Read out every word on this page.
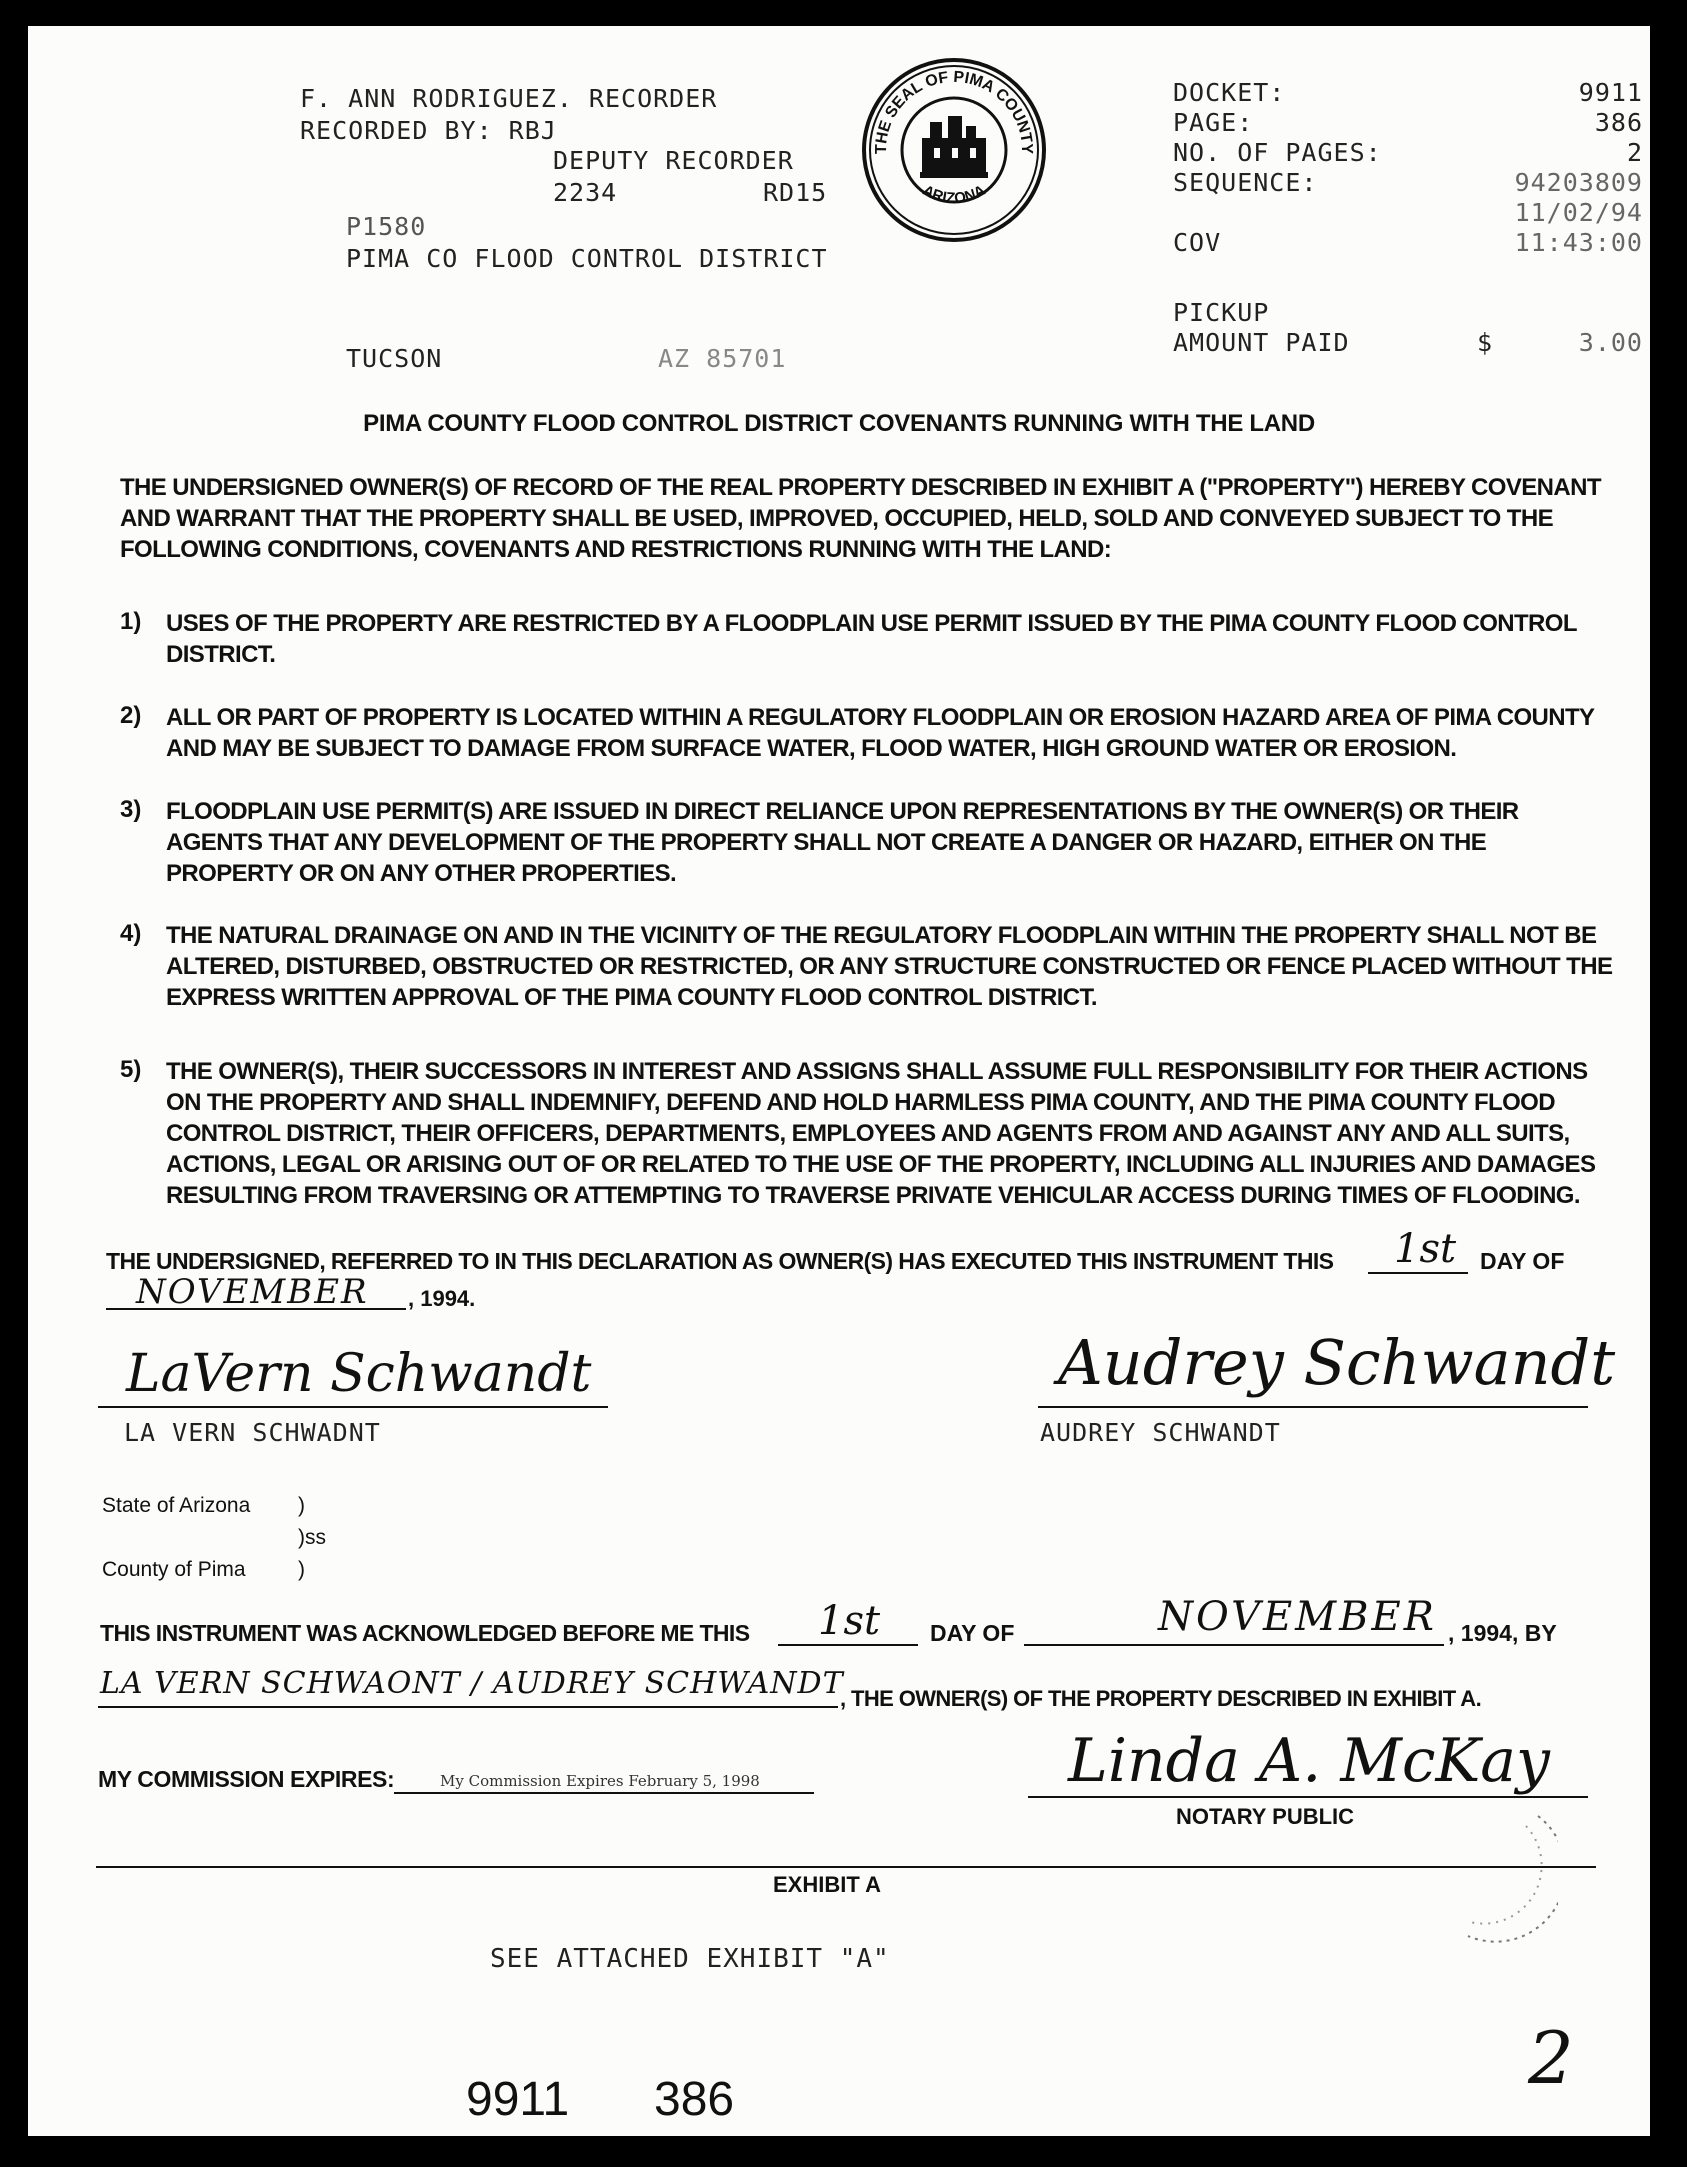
F. ANN RODRIGUEZ. RECORDER
RECORDED BY: RBJ
DEPUTY RECORDER
2234	RD15
P1580
PIMA CO FLOOD CONTROL DISTRICT
TUCSON	AZ 85701
THE SEAL OF PIMA COUNTY
ARIZONA
DOCKET:	9911
PAGE:	386
NO. OF PAGES:	2
SEQUENCE:	94203809
11/02/94
COV	11:43:00
PICKUP
AMOUNT PAID	$	3.00
PIMA COUNTY FLOOD CONTROL DISTRICT COVENANTS RUNNING WITH THE LAND
THE UNDERSIGNED OWNER(S) OF RECORD OF THE REAL PROPERTY DESCRIBED IN EXHIBIT A ("PROPERTY") HEREBY COVENANT AND WARRANT THAT THE PROPERTY SHALL BE USED, IMPROVED, OCCUPIED, HELD, SOLD AND CONVEYED SUBJECT TO THE FOLLOWING CONDITIONS, COVENANTS AND RESTRICTIONS RUNNING WITH THE LAND:
1) USES OF THE PROPERTY ARE RESTRICTED BY A FLOODPLAIN USE PERMIT ISSUED BY THE PIMA COUNTY FLOOD CONTROL DISTRICT.
2) ALL OR PART OF PROPERTY IS LOCATED WITHIN A REGULATORY FLOODPLAIN OR EROSION HAZARD AREA OF PIMA COUNTY AND MAY BE SUBJECT TO DAMAGE FROM SURFACE WATER, FLOOD WATER, HIGH GROUND WATER OR EROSION.
3) FLOODPLAIN USE PERMIT(S) ARE ISSUED IN DIRECT RELIANCE UPON REPRESENTATIONS BY THE OWNER(S) OR THEIR AGENTS THAT ANY DEVELOPMENT OF THE PROPERTY SHALL NOT CREATE A DANGER OR HAZARD, EITHER ON THE PROPERTY OR ON ANY OTHER PROPERTIES.
4) THE NATURAL DRAINAGE ON AND IN THE VICINITY OF THE REGULATORY FLOODPLAIN WITHIN THE PROPERTY SHALL NOT BE ALTERED, DISTURBED, OBSTRUCTED OR RESTRICTED, OR ANY STRUCTURE CONSTRUCTED OR FENCE PLACED WITHOUT THE EXPRESS WRITTEN APPROVAL OF THE PIMA COUNTY FLOOD CONTROL DISTRICT.
5) THE OWNER(S), THEIR SUCCESSORS IN INTEREST AND ASSIGNS SHALL ASSUME FULL RESPONSIBILITY FOR THEIR ACTIONS ON THE PROPERTY AND SHALL INDEMNIFY, DEFEND AND HOLD HARMLESS PIMA COUNTY, AND THE PIMA COUNTY FLOOD CONTROL DISTRICT, THEIR OFFICERS, DEPARTMENTS, EMPLOYEES AND AGENTS FROM AND AGAINST ANY AND ALL SUITS, ACTIONS, LEGAL OR ARISING OUT OF OR RELATED TO THE USE OF THE PROPERTY, INCLUDING ALL INJURIES AND DAMAGES RESULTING FROM TRAVERSING OR ATTEMPTING TO TRAVERSE PRIVATE VEHICULAR ACCESS DURING TIMES OF FLOODING.
THE UNDERSIGNED, REFERRED TO IN THIS DECLARATION AS OWNER(S) HAS EXECUTED THIS INSTRUMENT THIS 1st DAY OF
NOVEMBER , 1994.
LaVern Schwandt
LA VERN SCHWADNT
Audrey Schwandt
AUDREY SCHWANDT
State of Arizona )
)ss
County of Pima )
THIS INSTRUMENT WAS ACKNOWLEDGED BEFORE ME THIS 1st DAY OF	NOVEMBER , 1994, BY
LA VERN SCHWAONT / AUDREY SCHWANDT
, THE OWNER(S) OF THE PROPERTY DESCRIBED IN EXHIBIT A.
MY COMMISSION EXPIRES:	My Commission Expires February 5, 1998	Linda A. McKay
NOTARY PUBLIC
EXHIBIT A
SEE ATTACHED EXHIBIT "A"
9911 386	2
